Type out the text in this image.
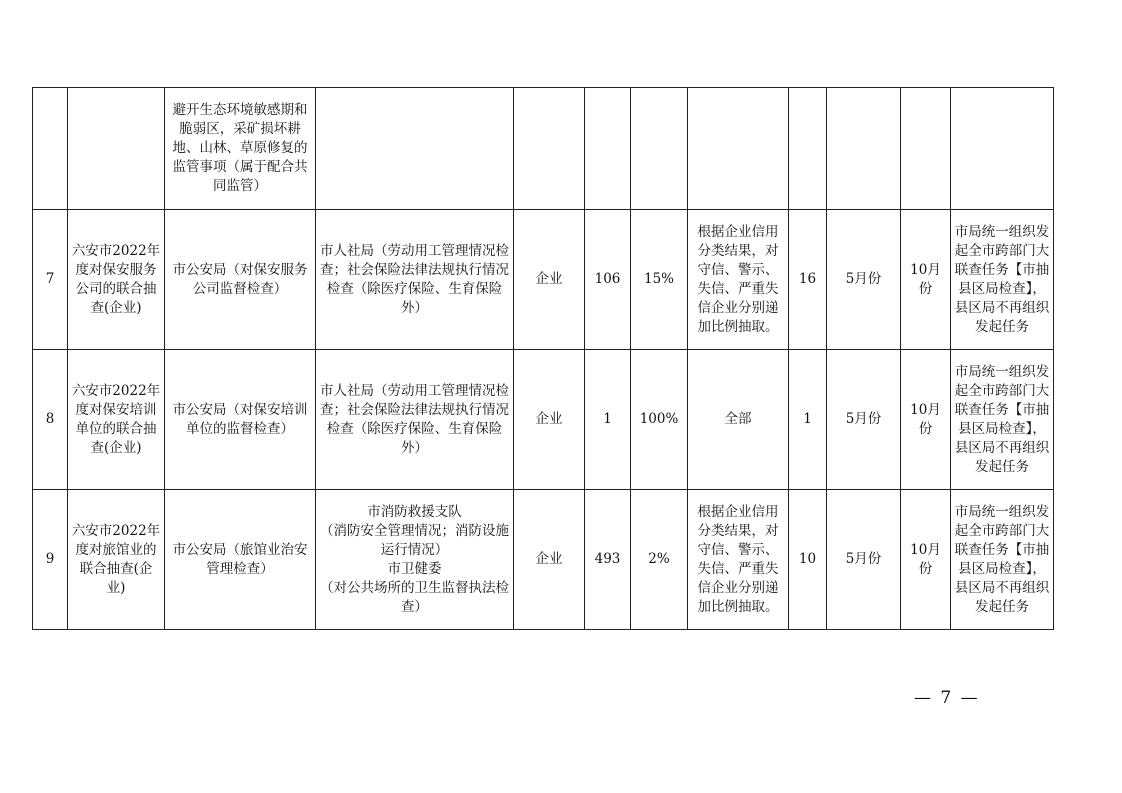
		避开生态环境敏感期和脆弱区，采矿损坏耕地、山林、草原修复的监管事项（属于配合共同监管）									
7	六安市2022年度对保安服务公司的联合抽查(企业)	市公安局（对保安服务公司监督检查）	市人社局（劳动用工管理情况检查；社会保险法律法规执行情况检查（除医疗保险、生育保险外）	企业	106	15%	根据企业信用分类结果，对守信、警示、失信、严重失信企业分别递加比例抽取。	16	5月份	10月份	市局统一组织发起全市跨部门大联查任务【市抽县区局检查】，县区局不再组织发起任务
8	六安市2022年度对保安培训单位的联合抽查(企业)	市公安局（对保安培训单位的监督检查）	市人社局（劳动用工管理情况检查；社会保险法律法规执行情况检查（除医疗保险、生育保险外）	企业	1	100%	全部	1	5月份	10月份	市局统一组织发起全市跨部门大联查任务【市抽县区局检查】，县区局不再组织发起任务
9	六安市2022年度对旅馆业的联合抽查(企业)	市公安局（旅馆业治安管理检查）	市消防救援支队
（消防安全管理情况；消防设施运行情况）
市卫健委
（对公共场所的卫生监督执法检查）	企业	493	2%	根据企业信用分类结果，对守信、警示、失信、严重失信企业分别递加比例抽取。	10	5月份	10月份	市局统一组织发起全市跨部门大联查任务【市抽县区局检查】，县区局不再组织发起任务
— 7 —
